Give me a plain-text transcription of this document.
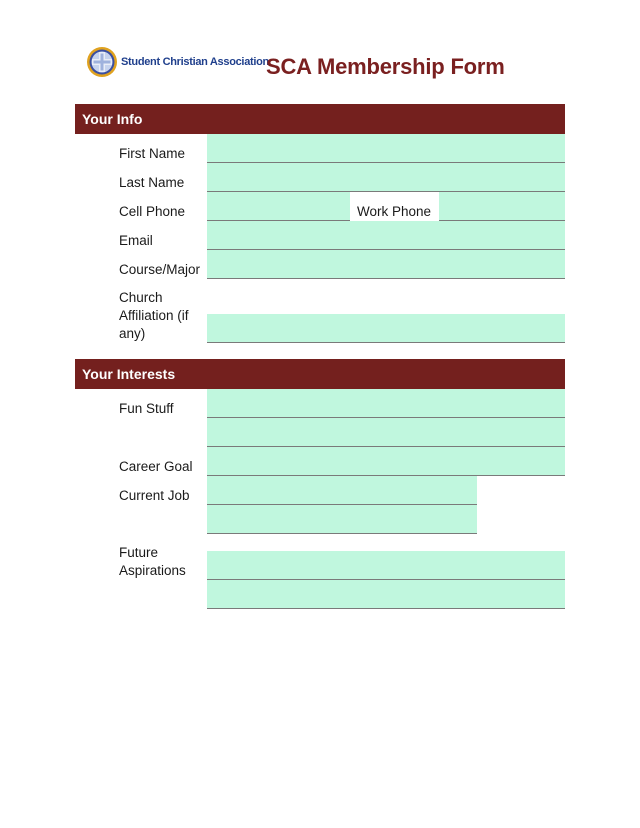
Student Christian Association
SCA Membership Form
Your Info
First Name
Last Name
Cell Phone	Work Phone
Email
Course/Major
Church
Affiliation (if
any)
Your Interests
Fun Stuff
Career Goal
Current Job
Future
Aspirations
